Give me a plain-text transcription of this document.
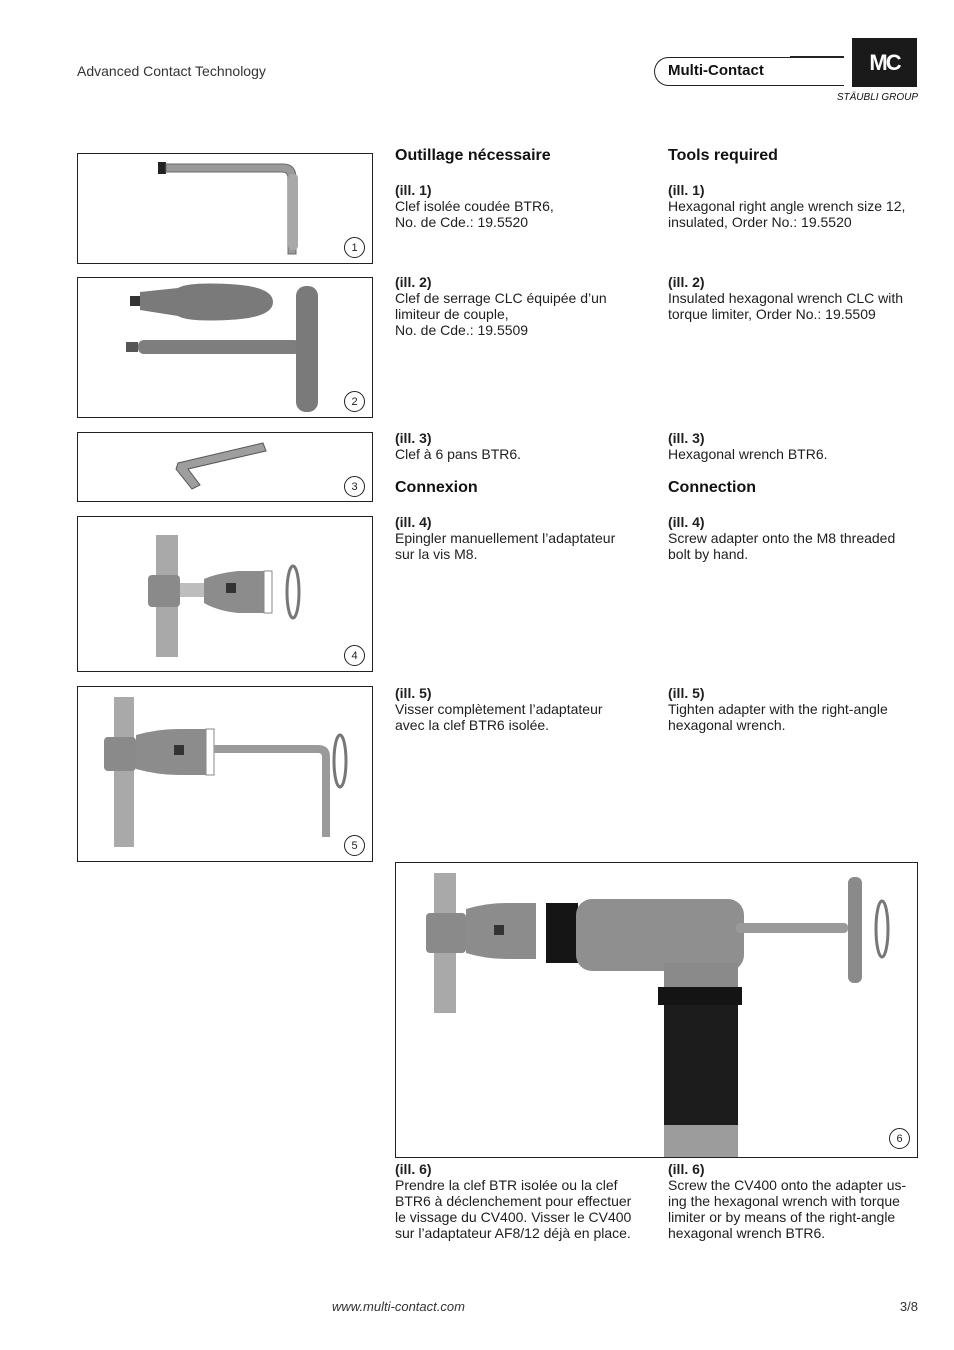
Advanced Contact Technology	Multi-Contact	MC
STÄUBLI GROUP
1
2
3
4
5
6
Outillage nécessaire
(ill. 1)
Clef isolée coudée BTR6,
No. de Cde.: 19.5520
(ill. 2)
Clef de serrage CLC équipée d’un
limiteur de couple,
No. de Cde.: 19.5509
(ill. 3)
Clef à 6 pans BTR6.
Connexion
(ill. 4)
Epingler manuellement l’adaptateur
sur la vis M8.
(ill. 5)
Visser complètement l’adaptateur
avec la clef BTR6 isolée.
(ill. 6)
Prendre la clef BTR isolée ou la clef
BTR6 à déclenchement pour effectuer
le vissage du CV400. Visser le CV400
sur l’adaptateur AF8/12 déjà en place.
Tools required
(ill. 1)
Hexagonal right angle wrench size 12,
insulated, Order No.: 19.5520
(ill. 2)
Insulated hexagonal wrench CLC with
torque limiter, Order No.: 19.5509
(ill. 3)
Hexagonal wrench BTR6.
Connection
(ill. 4)
Screw adapter onto the M8 threaded
bolt by hand.
(ill. 5)
Tighten adapter with the right-angle
hexagonal wrench.
(ill. 6)
Screw the CV400 onto the adapter us-
ing the hexagonal wrench with torque
limiter or by means of the right-angle
hexagonal wrench BTR6.
www.multi-contact.com	3/8
